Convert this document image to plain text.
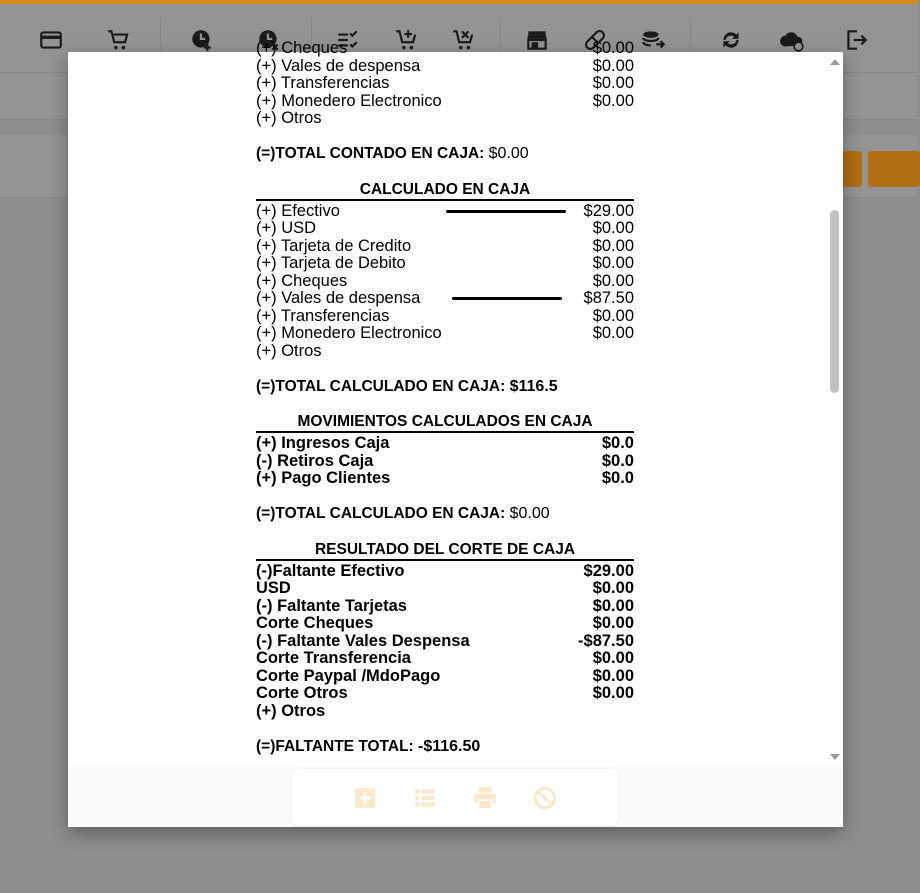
(+) Cheques	$0.00
(+) Vales de despensa	$0.00
(+) Transferencias	$0.00
(+) Monedero Electronico	$0.00
(+) Otros
(=)TOTAL CONTADO EN CAJA: $0.00
CALCULADO EN CAJA
(+) Efectivo	$29.00
(+) USD	$0.00
(+) Tarjeta de Credito	$0.00
(+) Tarjeta de Debito	$0.00
(+) Cheques	$0.00
(+) Vales de despensa	$87.50
(+) Transferencias	$0.00
(+) Monedero Electronico	$0.00
(+) Otros
(=)TOTAL CALCULADO EN CAJA: $116.5
MOVIMIENTOS CALCULADOS EN CAJA
(+) Ingresos Caja	$0.0
(-) Retiros Caja	$0.0
(+) Pago Clientes	$0.0
(=)TOTAL CALCULADO EN CAJA: $0.00
RESULTADO DEL CORTE DE CAJA
(-)Faltante Efectivo	$29.00
USD	$0.00
(-) Faltante Tarjetas	$0.00
Corte Cheques	$0.00
(-) Faltante Vales Despensa	-$87.50
Corte Transferencia	$0.00
Corte Paypal /MdoPago	$0.00
Corte Otros	$0.00
(+) Otros
(=)FALTANTE TOTAL: -$116.50
